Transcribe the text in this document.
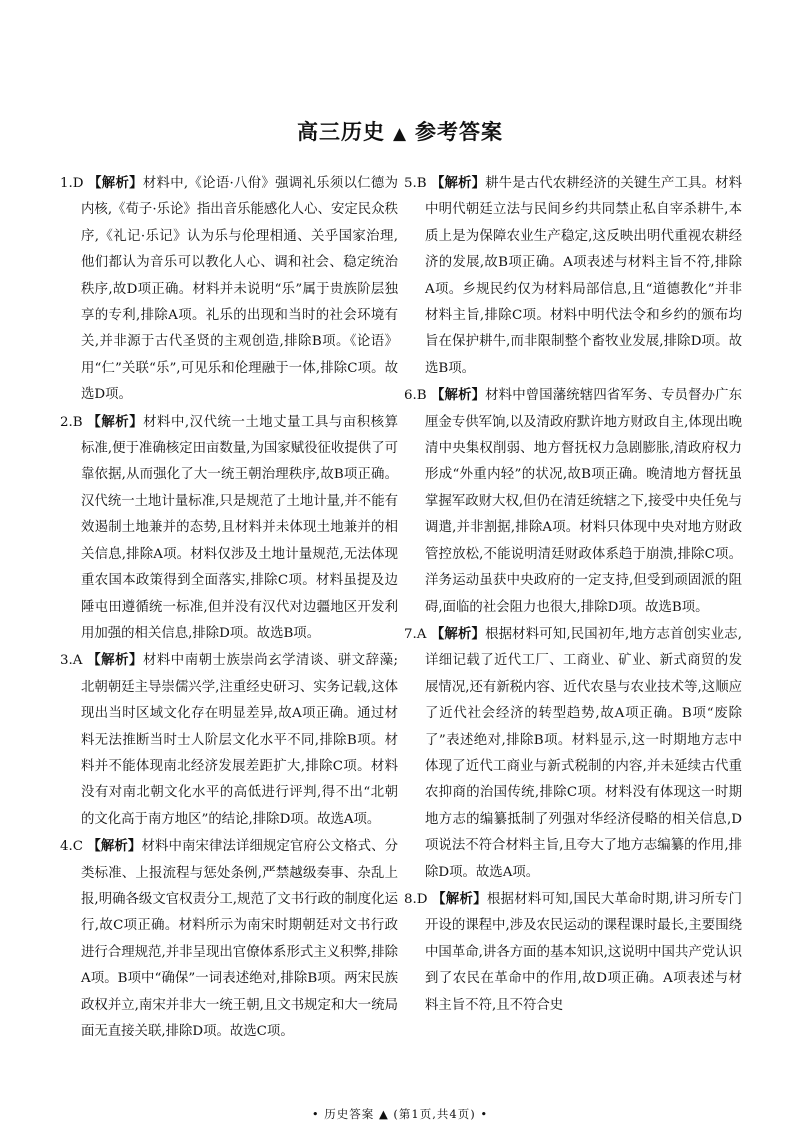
高三历史 ▲ 参考答案

1.D 【解析】材料中,《论语·八佾》强调礼乐须以仁德为内核,《荀子·乐论》指出音乐能感化人心、安定民众秩序,《礼记·乐记》认为乐与伦理相通、关乎国家治理,他们都认为音乐可以教化人心、调和社会、稳定统治秩序,故D项正确。材料并未说明“乐”属于贵族阶层独享的专利,排除A项。礼乐的出现和当时的社会环境有关,并非源于古代圣贤的主观创造,排除B项。《论语》用“仁”关联“乐”,可见乐和伦理融于一体,排除C项。故选D项。

2.B 【解析】材料中,汉代统一土地丈量工具与亩积核算标准,便于准确核定田亩数量,为国家赋役征收提供了可靠依据,从而强化了大一统王朝治理秩序,故B项正确。汉代统一土地计量标准,只是规范了土地计量,并不能有效遏制土地兼并的态势,且材料并未体现土地兼并的相关信息,排除A项。材料仅涉及土地计量规范,无法体现重农国本政策得到全面落实,排除C项。材料虽提及边陲屯田遵循统一标准,但并没有汉代对边疆地区开发利用加强的相关信息,排除D项。故选B项。

3.A 【解析】材料中南朝士族崇尚玄学清谈、骈文辞藻;北朝朝廷主导崇儒兴学,注重经史研习、实务记载,这体现出当时区域文化存在明显差异,故A项正确。通过材料无法推断当时士人阶层文化水平不同,排除B项。材料并不能体现南北经济发展差距扩大,排除C项。材料没有对南北朝文化水平的高低进行评判,得不出“北朝的文化高于南方地区”的结论,排除D项。故选A项。

4.C 【解析】材料中南宋律法详细规定官府公文格式、分类标准、上报流程与惩处条例,严禁越级奏事、杂乱上报,明确各级文官权责分工,规范了文书行政的制度化运行,故C项正确。材料所示为南宋时期朝廷对文书行政进行合理规范,并非呈现出官僚体系形式主义积弊,排除A项。B项中“确保”一词表述绝对,排除B项。两宋民族政权并立,南宋并非大一统王朝,且文书规定和大一统局面无直接关联,排除D项。故选C项。

5.B 【解析】耕牛是古代农耕经济的关键生产工具。材料中明代朝廷立法与民间乡约共同禁止私自宰杀耕牛,本质上是为保障农业生产稳定,这反映出明代重视农耕经济的发展,故B项正确。A项表述与材料主旨不符,排除A项。乡规民约仅为材料局部信息,且“道德教化”并非材料主旨,排除C项。材料中明代法令和乡约的颁布均旨在保护耕牛,而非限制整个畜牧业发展,排除D项。故选B项。

6.B 【解析】材料中曾国藩统辖四省军务、专员督办广东厘金专供军饷,以及清政府默许地方财政自主,体现出晚清中央集权削弱、地方督抚权力急剧膨胀,清政府权力形成“外重内轻”的状况,故B项正确。晚清地方督抚虽掌握军政财大权,但仍在清廷统辖之下,接受中央任免与调遣,并非割据,排除A项。材料只体现中央对地方财政管控放松,不能说明清廷财政体系趋于崩溃,排除C项。洋务运动虽获中央政府的一定支持,但受到顽固派的阻碍,面临的社会阻力也很大,排除D项。故选B项。

7.A 【解析】根据材料可知,民国初年,地方志首创实业志,详细记载了近代工厂、工商业、矿业、新式商贸的发展情况,还有新税内容、近代农垦与农业技术等,这顺应了近代社会经济的转型趋势,故A项正确。B项“废除了”表述绝对,排除B项。材料显示,这一时期地方志中体现了近代工商业与新式税制的内容,并未延续古代重农抑商的治国传统,排除C项。材料没有体现这一时期地方志的编纂抵制了列强对华经济侵略的相关信息,D项说法不符合材料主旨,且夸大了地方志编纂的作用,排除D项。故选A项。

8.D 【解析】根据材料可知,国民大革命时期,讲习所专门开设的课程中,涉及农民运动的课程课时最长,主要围绕中国革命,讲各方面的基本知识,这说明中国共产党认识到了农民在革命中的作用,故D项正确。A项表述与材料主旨不符,且不符合史

• 历史答案 ▲ (第1页,共4页) •
